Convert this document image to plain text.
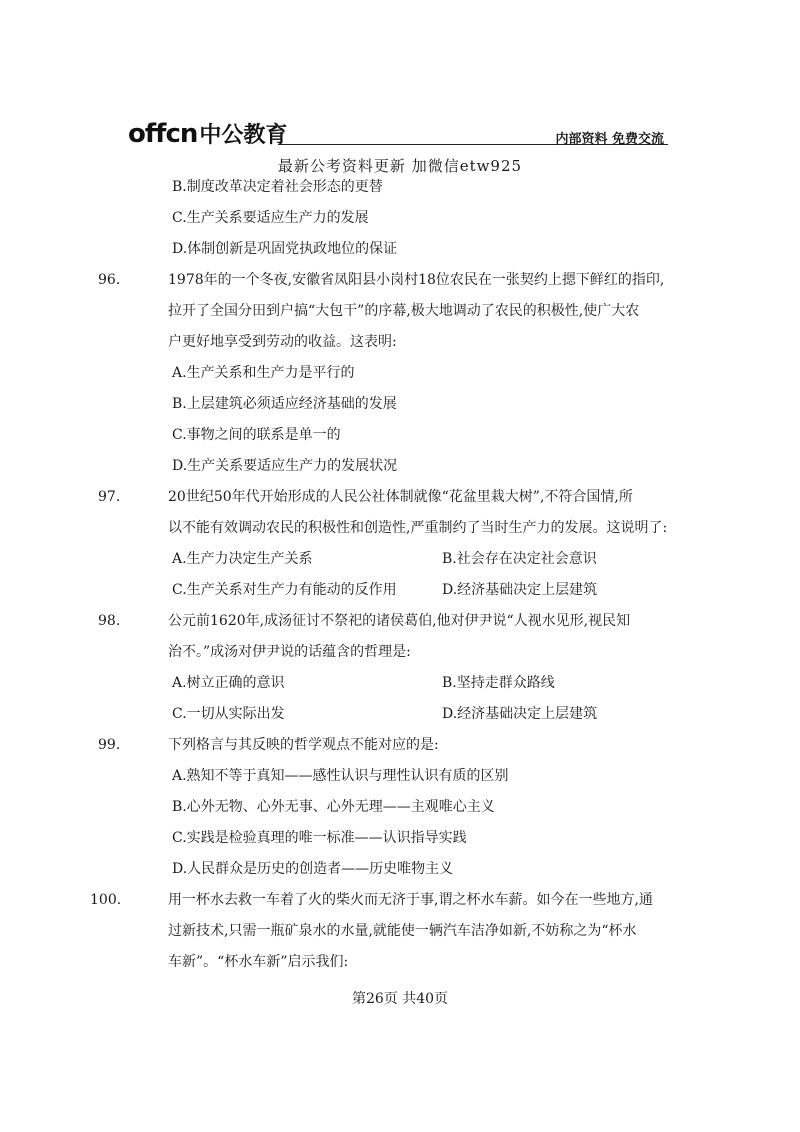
offcn中公教育	内部资料 免费交流
最新公考资料更新 加微信etw925
B.制度改革决定着社会形态的更替
C.生产关系要适应生产力的发展
D.体制创新是巩固党执政地位的保证
96.	1978年的一个冬夜,安徽省凤阳县小岗村18位农民在一张契约上摁下鲜红的指印,
拉开了全国分田到户搞“大包干”的序幕,极大地调动了农民的积极性,使广大农
户更好地享受到劳动的收益。这表明:
A.生产关系和生产力是平行的
B.上层建筑必须适应经济基础的发展
C.事物之间的联系是单一的
D.生产关系要适应生产力的发展状况
97.	20世纪50年代开始形成的人民公社体制就像“花盆里栽大树”,不符合国情,所
以不能有效调动农民的积极性和创造性,严重制约了当时生产力的发展。这说明了:
A.生产力决定生产关系	B.社会存在决定社会意识
C.生产关系对生产力有能动的反作用	D.经济基础决定上层建筑
98.	公元前1620年,成汤征讨不祭祀的诸侯葛伯,他对伊尹说“人视水见形,视民知
治不。”成汤对伊尹说的话蕴含的哲理是:
A.树立正确的意识	B.坚持走群众路线
C.一切从实际出发	D.经济基础决定上层建筑
99.	下列格言与其反映的哲学观点不能对应的是:
A.熟知不等于真知——感性认识与理性认识有质的区别
B.心外无物、心外无事、心外无理——主观唯心主义
C.实践是检验真理的唯一标准——认识指导实践
D.人民群众是历史的创造者——历史唯物主义
100.	用一杯水去救一车着了火的柴火而无济于事,谓之杯水车薪。如今在一些地方,通
过新技术,只需一瓶矿泉水的水量,就能使一辆汽车洁净如新,不妨称之为“杯水
车新”。“杯水车新”启示我们:
第26页 共40页
